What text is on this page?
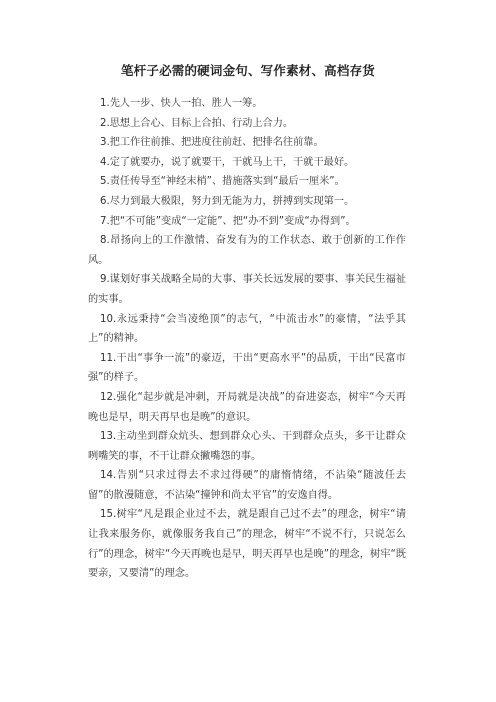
笔杆子必需的硬词金句、写作素材、高档存货

1.先人一步、快人一拍、胜人一筹。

2.思想上合心、目标上合拍、行动上合力。

3.把工作往前推、把进度往前赶、把排名往前靠。

4.定了就要办，说了就要干，干就马上干，干就干最好。

5.责任传导至“神经末梢”、措施落实到“最后一厘米”。

6.尽力到最大极限，努力到无能为力，拼搏到实现第一。

7.把“不可能”变成“一定能”、把“办不到”变成“办得到”。

8.昂扬向上的工作激情、奋发有为的工作状态、敢于创新的工作作风。

9.谋划好事关战略全局的大事、事关长远发展的要事、事关民生福祉的实事。

10.永远秉持“会当凌绝顶”的志气，“中流击水”的豪情，“法乎其上”的精神。

11.干出“事争一流”的豪迈，干出“更高水平”的品质，干出“民富市强”的样子。

12.强化“起步就是冲刺，开局就是决战”的奋进姿态，树牢“今天再晚也是早，明天再早也是晚”的意识。

13.主动坐到群众炕头、想到群众心头、干到群众点头，多干让群众咧嘴笑的事，不干让群众撇嘴怨的事。

14.告别“只求过得去不求过得硬”的庸惰情绪，不沾染“随波任去留”的散漫随意，不沾染“撞钟和尚太平官”的安逸自得。

15.树牢“凡是跟企业过不去，就是跟自己过不去”的理念，树牢“请让我来服务你，就像服务我自己”的理念，树牢“不说不行，只说怎么行”的理念，树牢“今天再晚也是早，明天再早也是晚”的理念，树牢“既要亲，又要清”的理念。
